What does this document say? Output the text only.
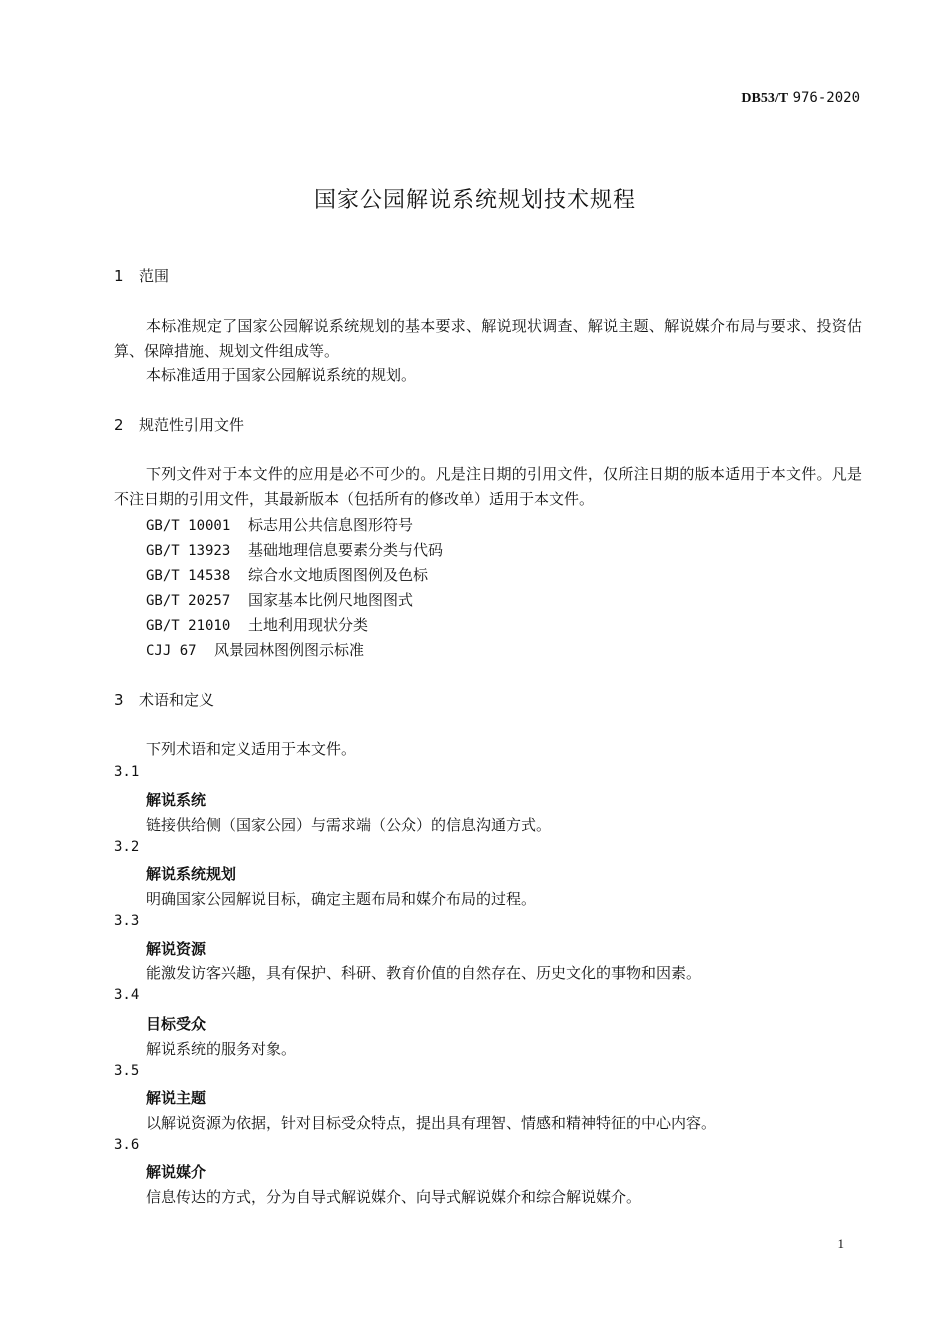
DB53/T 976-2020
国家公园解说系统规划技术规程
1 范围
本标准规定了国家公园解说系统规划的基本要求、解说现状调查、解说主题、解说媒介布局与要求、投资估算、保障措施、规划文件组成等。
本标准适用于国家公园解说系统的规划。
2 规范性引用文件
下列文件对于本文件的应用是必不可少的。凡是注日期的引用文件，仅所注日期的版本适用于本文件。凡是不注日期的引用文件，其最新版本（包括所有的修改单）适用于本文件。
GB/T 10001 标志用公共信息图形符号
GB/T 13923 基础地理信息要素分类与代码
GB/T 14538 综合水文地质图图例及色标
GB/T 20257 国家基本比例尺地图图式
GB/T 21010 土地利用现状分类
CJJ 67 风景园林图例图示标准
3 术语和定义
下列术语和定义适用于本文件。
3.1
解说系统
链接供给侧（国家公园）与需求端（公众）的信息沟通方式。
3.2
解说系统规划
明确国家公园解说目标，确定主题布局和媒介布局的过程。
3.3
解说资源
能激发访客兴趣，具有保护、科研、教育价值的自然存在、历史文化的事物和因素。
3.4
目标受众
解说系统的服务对象。
3.5
解说主题
以解说资源为依据，针对目标受众特点，提出具有理智、情感和精神特征的中心内容。
3.6
解说媒介
信息传达的方式，分为自导式解说媒介、向导式解说媒介和综合解说媒介。
1
